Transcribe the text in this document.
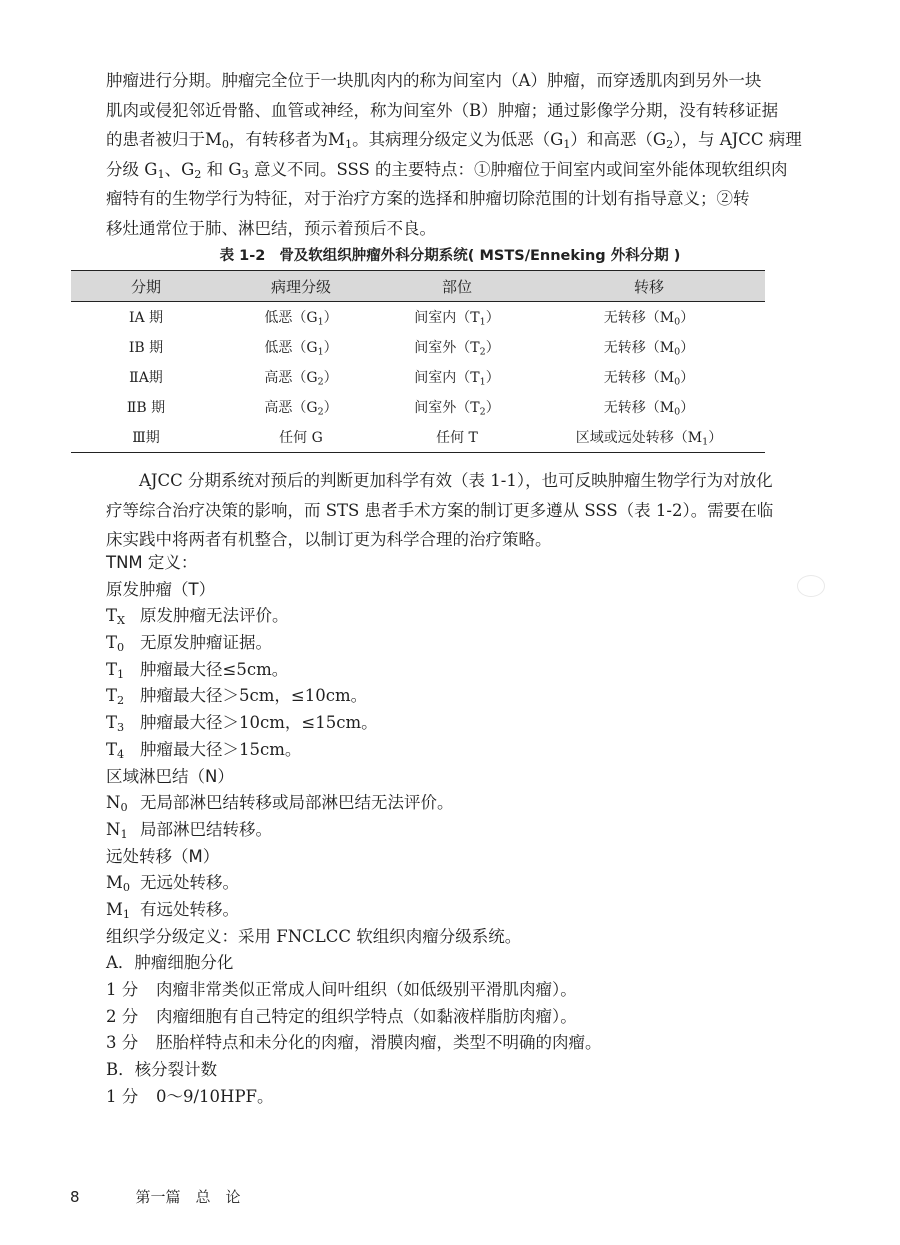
肿瘤进行分期。肿瘤完全位于一块肌肉内的称为间室内（A）肿瘤，而穿透肌肉到另外一块
肌肉或侵犯邻近骨骼、血管或神经，称为间室外（B）肿瘤；通过影像学分期，没有转移证据
的患者被归于$M_0$，有转移者为$M_1$。其病理分级定义为低恶$(G_1)$和高恶$(G_2)$，与 AJCC 病理
分级 $G_1$、$G_2$ 和 $G_3$ 意义不同。SSS 的主要特点：①肿瘤位于间室内或间室外能体现软组织肉
瘤特有的生物学行为特征，对于治疗方案的选择和肿瘤切除范围的计划有指导意义；②转
移灶通常位于肺、淋巴结，预示着预后不良。

表 1-2 骨及软组织肿瘤外科分期系统( MSTS/Enneking 外科分期 )
分期	病理分级	部位	转移
ⅠA 期	低恶$(G_1)$	间室内$(T_1)$	无转移$(M_0)$
ⅠB 期	低恶$(G_1)$	间室外$(T_2)$	无转移$(M_0)$
ⅡA期	高恶$(G_2)$	间室内$(T_1)$	无转移$(M_0)$
ⅡB 期	高恶$(G_2)$	间室外$(T_2)$	无转移$(M_0)$
Ⅲ期	任何 G	任何 T	区域或远处转移$(M_1)$

AJCC 分期系统对预后的判断更加科学有效（表 1-1），也可反映肿瘤生物学行为对放化
疗等综合治疗决策的影响，而 STS 患者手术方案的制订更多遵从 SSS（表 1-2）。需要在临
床实践中将两者有机整合，以制订更为科学合理的治疗策略。

TNM 定义：
原发肿瘤（T）
$T_X$ 原发肿瘤无法评价。
$T_0$ 无原发肿瘤证据。
$T_1$ 肿瘤最大径≤5cm。
$T_2$ 肿瘤最大径＞5cm，≤10cm。
$T_3$ 肿瘤最大径＞10cm，≤15cm。
$T_4$ 肿瘤最大径＞15cm。
区域淋巴结（N）
$N_0$ 无局部淋巴结转移或局部淋巴结无法评价。
$N_1$ 局部淋巴结转移。
远处转移（M）
$M_0$ 无远处转移。
$M_1$ 有远处转移。
组织学分级定义：采用 FNCLCC 软组织肉瘤分级系统。
A．肿瘤细胞分化
1 分 肉瘤非常类似正常成人间叶组织（如低级别平滑肌肉瘤）。
2 分 肉瘤细胞有自己特定的组织学特点（如黏液样脂肪肉瘤）。
3 分 胚胎样特点和未分化的肉瘤，滑膜肉瘤，类型不明确的肉瘤。
B．核分裂计数
1 分 0～9/10HPF。
8	第一篇　总　论
